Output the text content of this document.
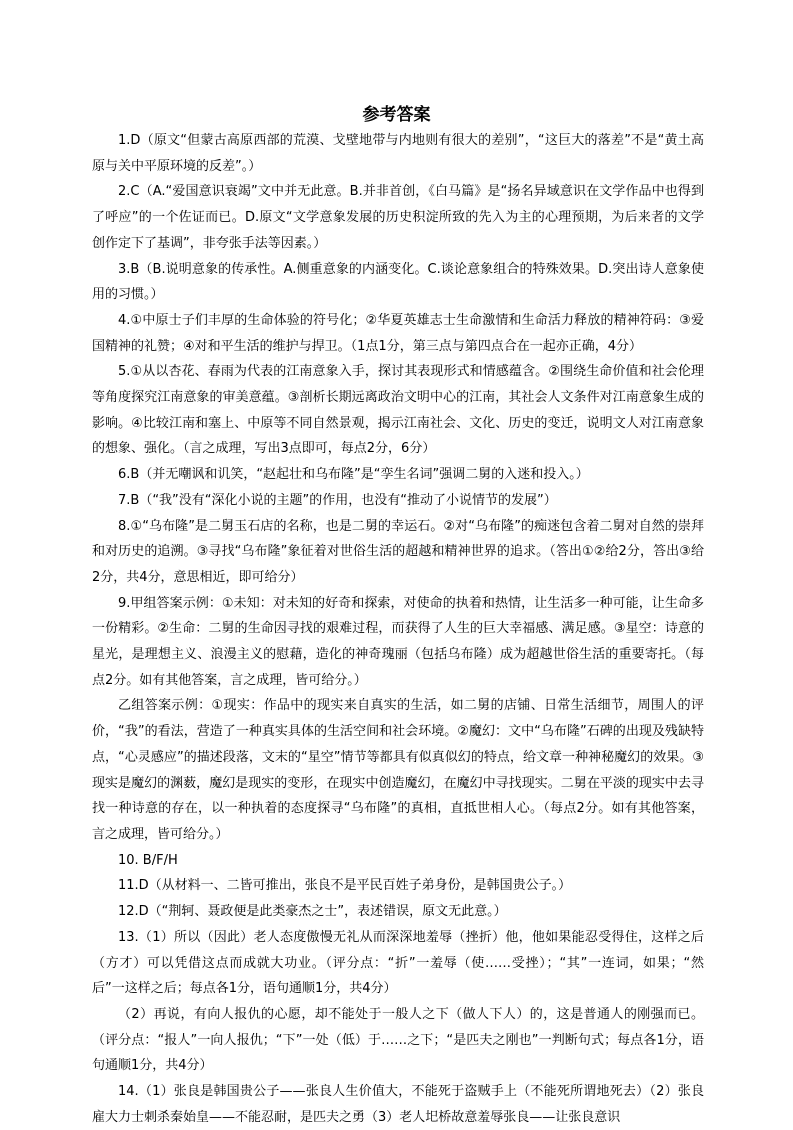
参考答案

1.D（原文“但蒙古高原西部的荒漠、戈壁地带与内地则有很大的差别”，“这巨大的落差”不是“黄土高原与关中平原环境的反差”。）

2.C（A.“爱国意识衰竭”文中并无此意。B.并非首创，《白马篇》是“扬名异域意识在文学作品中也得到了呼应”的一个佐证而已。D.原文“文学意象发展的历史积淀所致的先入为主的心理预期，为后来者的文学创作定下了基调”，非夸张手法等因素。）

3.B（B.说明意象的传承性。A.侧重意象的内涵变化。C.谈论意象组合的特殊效果。D.突出诗人意象使用的习惯。）

4.①中原士子们丰厚的生命体验的符号化；②华夏英雄志士生命激情和生命活力释放的精神符码：③爱国精神的礼赞；④对和平生活的维护与捍卫。（1点1分，第三点与第四点合在一起亦正确，4分）

5.①从以杏花、春雨为代表的江南意象入手，探讨其表现形式和情感蕴含。②围绕生命价值和社会伦理等角度探究江南意象的审美意蕴。③剖析长期远离政治文明中心的江南，其社会人文条件对江南意象生成的影响。④比较江南和塞上、中原等不同自然景观，揭示江南社会、文化、历史的变迁，说明文人对江南意象的想象、强化。（言之成理，写出3点即可，每点2分，6分）

6.B（并无嘲讽和讥笑，“赵起壮和乌布隆”是“孪生名词”强调二舅的入迷和投入。）

7.B（“我”没有“深化小说的主题”的作用，也没有“推动了小说情节的发展”）

8.①“乌布隆”是二舅玉石店的名称，也是二舅的幸运石。②对“乌布隆”的痴迷包含着二舅对自然的崇拜和对历史的追溯。③寻找“乌布隆”象征着对世俗生活的超越和精神世界的追求。（答出①②给2分，答出③给2分，共4分，意思相近，即可给分）

9.甲组答案示例：①未知：对未知的好奇和探索，对使命的执着和热情，让生活多一种可能，让生命多一份精彩。②生命：二舅的生命因寻找的艰难过程，而获得了人生的巨大幸福感、满足感。③星空：诗意的星光，是理想主义、浪漫主义的慰藉，造化的神奇瑰丽（包括乌布隆）成为超越世俗生活的重要寄托。（每点2分。如有其他答案，言之成理，皆可给分。）

乙组答案示例：①现实：作品中的现实来自真实的生活，如二舅的店铺、日常生活细节，周围人的评价，“我”的看法，营造了一种真实具体的生活空间和社会环境。②魔幻：文中“乌布隆”石碑的出现及残缺特点，“心灵感应”的描述段落，文末的“星空”情节等都具有似真似幻的特点，给文章一种神秘魔幻的效果。③现实是魔幻的渊薮，魔幻是现实的变形，在现实中创造魔幻，在魔幻中寻找现实。二舅在平淡的现实中去寻找一种诗意的存在，以一种执着的态度探寻“乌布隆”的真相，直抵世相人心。（每点2分。如有其他答案，言之成理，皆可给分。）

10. B/F/H

11.D（从材料一、二皆可推出，张良不是平民百姓子弟身份，是韩国贵公子。）

12.D（“荆轲、聂政便是此类豪杰之士”，表述错误，原文无此意。）

13.（1）所以（因此）老人态度傲慢无礼从而深深地羞辱（挫折）他，他如果能忍受得住，这样之后（方才）可以凭借这点而成就大功业。（评分点：“折”一羞辱（使……受挫）；“其”一连词，如果；“然后”一这样之后；每点各1分，语句通顺1分，共4分）

（2）再说，有向人报仇的心愿，却不能处于一般人之下（做人下人）的，这是普通人的刚强而已。（评分点：“报人”一向人报仇；“下”一处（低）于……之下；“是匹夫之刚也”一判断句式；每点各1分，语句通顺1分，共4分）

14.（1）张良是韩国贵公子——张良人生价值大，不能死于盗贼手上（不能死所谓地死去）（2）张良雇大力士刺杀秦始皇——不能忍耐，是匹夫之勇（3）老人圯桥故意羞辱张良——让张良意识
